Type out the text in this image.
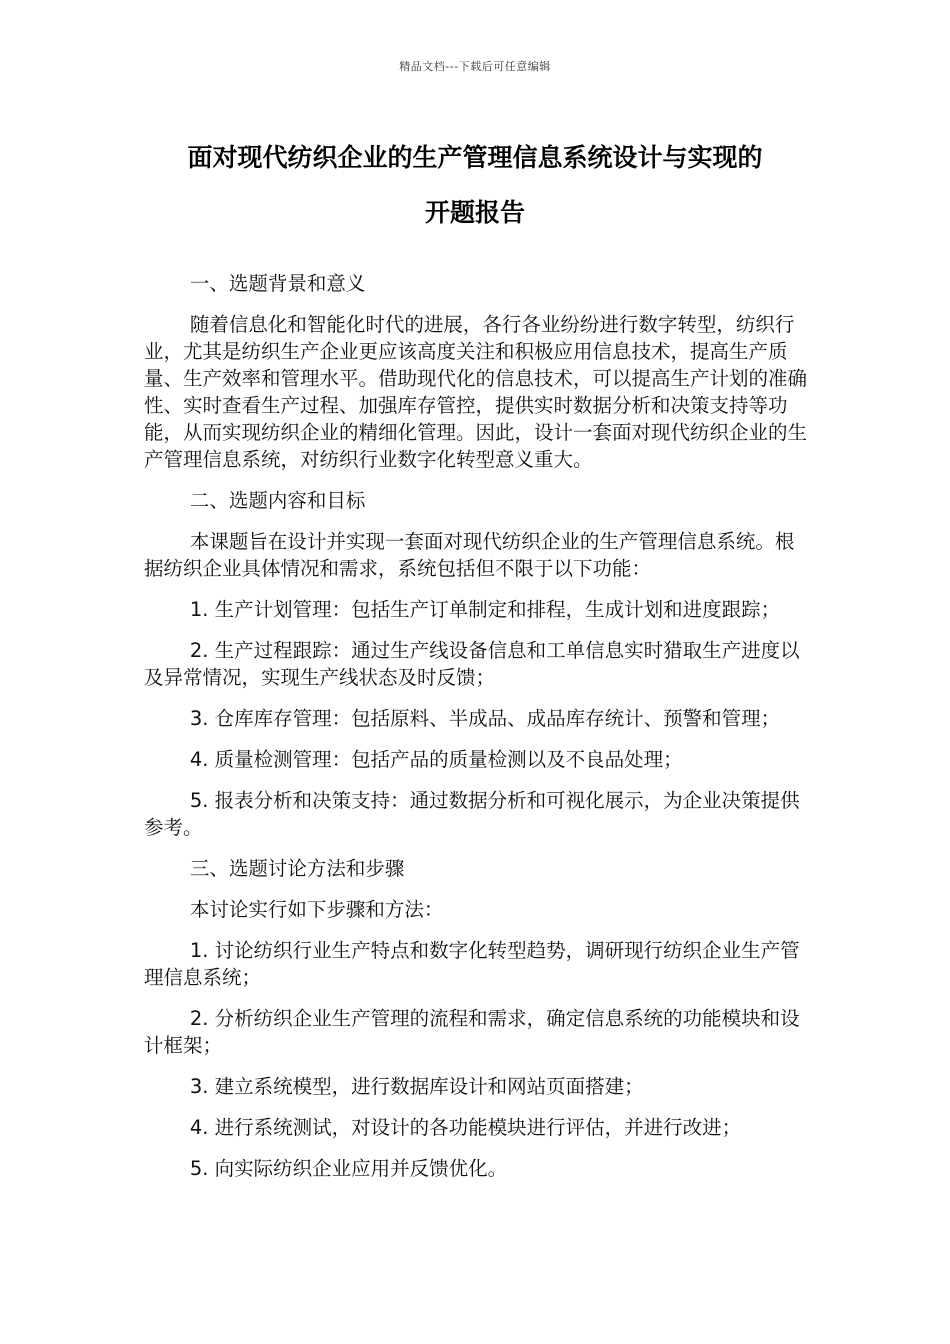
精品文档---下载后可任意编辑
面对现代纺织企业的生产管理信息系统设计与实现的
开题报告

一、选题背景和意义

随着信息化和智能化时代的进展，各行各业纷纷进行数字转型，纺织行业，尤其是纺织生产企业更应该高度关注和积极应用信息技术，提高生产质量、生产效率和管理水平。借助现代化的信息技术，可以提高生产计划的准确性、实时查看生产过程、加强库存管控，提供实时数据分析和决策支持等功能，从而实现纺织企业的精细化管理。因此，设计一套面对现代纺织企业的生产管理信息系统，对纺织行业数字化转型意义重大。

二、选题内容和目标

本课题旨在设计并实现一套面对现代纺织企业的生产管理信息系统。根据纺织企业具体情况和需求，系统包括但不限于以下功能：

1. 生产计划管理：包括生产订单制定和排程，生成计划和进度跟踪；

2. 生产过程跟踪：通过生产线设备信息和工单信息实时猎取生产进度以及异常情况，实现生产线状态及时反馈；

3. 仓库库存管理：包括原料、半成品、成品库存统计、预警和管理；

4. 质量检测管理：包括产品的质量检测以及不良品处理；

5. 报表分析和决策支持：通过数据分析和可视化展示，为企业决策提供参考。

三、选题讨论方法和步骤

本讨论实行如下步骤和方法：

1. 讨论纺织行业生产特点和数字化转型趋势，调研现行纺织企业生产管理信息系统；

2. 分析纺织企业生产管理的流程和需求，确定信息系统的功能模块和设计框架；

3. 建立系统模型，进行数据库设计和网站页面搭建；

4. 进行系统测试，对设计的各功能模块进行评估，并进行改进；

5. 向实际纺织企业应用并反馈优化。
